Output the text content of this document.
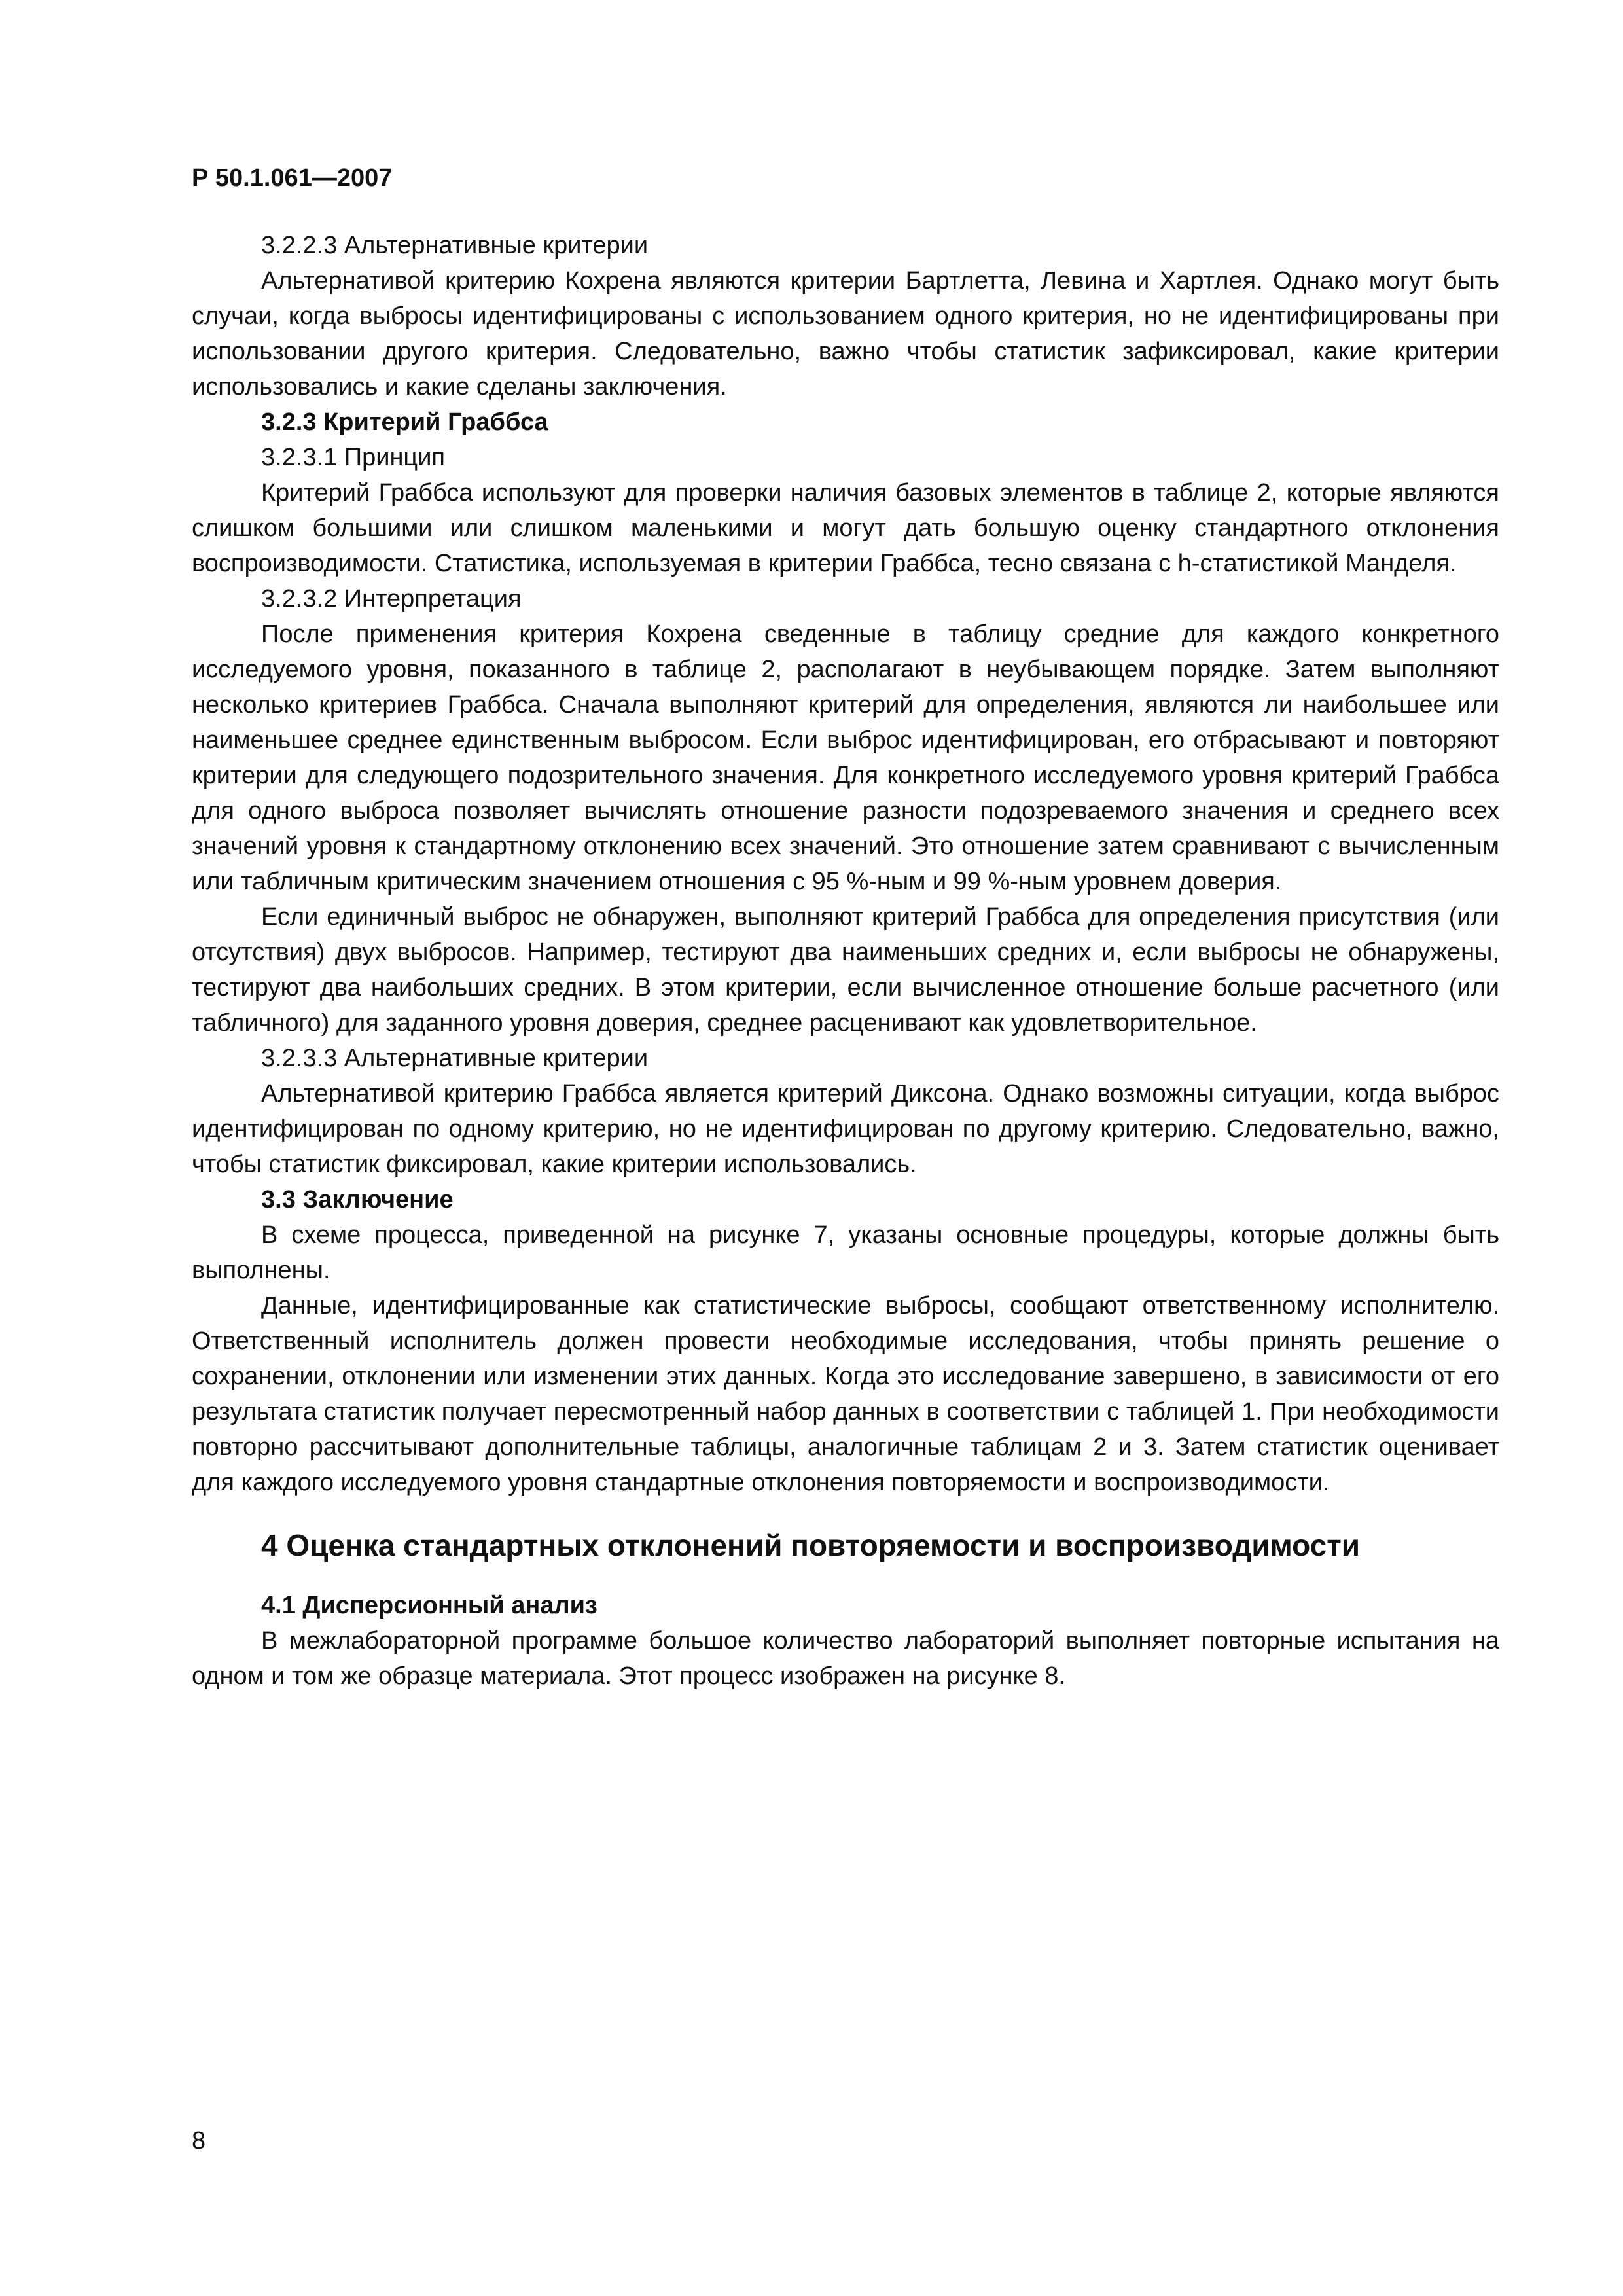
Р 50.1.061—2007

3.2.2.3 Альтернативные критерии

Альтернативой критерию Кохрена являются критерии Бартлетта, Левина и Хартлея. Однако могут быть случаи, когда выбросы идентифицированы с использованием одного критерия, но не идентифицированы при использовании другого критерия. Следовательно, важно чтобы статистик зафиксировал, какие критерии использовались и какие сделаны заключения.

3.2.3 Критерий Граббса

3.2.3.1 Принцип

Критерий Граббса используют для проверки наличия базовых элементов в таблице 2, которые являются слишком большими или слишком маленькими и могут дать большую оценку стандартного отклонения воспроизводимости. Статистика, используемая в критерии Граббса, тесно связана с h-статистикой Манделя.

3.2.3.2 Интерпретация

После применения критерия Кохрена сведенные в таблицу средние для каждого конкретного исследуемого уровня, показанного в таблице 2, располагают в неубывающем порядке. Затем выполняют несколько критериев Граббса. Сначала выполняют критерий для определения, являются ли наибольшее или наименьшее среднее единственным выбросом. Если выброс идентифицирован, его отбрасывают и повторяют критерии для следующего подозрительного значения. Для конкретного исследуемого уровня критерий Граббса для одного выброса позволяет вычислять отношение разности подозреваемого значения и среднего всех значений уровня к стандартному отклонению всех значений. Это отношение затем сравнивают с вычисленным или табличным критическим значением отношения с 95 %-ным и 99 %-ным уровнем доверия.

Если единичный выброс не обнаружен, выполняют критерий Граббса для определения присутствия (или отсутствия) двух выбросов. Например, тестируют два наименьших средних и, если выбросы не обнаружены, тестируют два наибольших средних. В этом критерии, если вычисленное отношение больше расчетного (или табличного) для заданного уровня доверия, среднее расценивают как удовлетворительное.

3.2.3.3 Альтернативные критерии

Альтернативой критерию Граббса является критерий Диксона. Однако возможны ситуации, когда выброс идентифицирован по одному критерию, но не идентифицирован по другому критерию. Следовательно, важно, чтобы статистик фиксировал, какие критерии использовались.

3.3 Заключение

В схеме процесса, приведенной на рисунке 7, указаны основные процедуры, которые должны быть выполнены.

Данные, идентифицированные как статистические выбросы, сообщают ответственному исполнителю. Ответственный исполнитель должен провести необходимые исследования, чтобы принять решение о сохранении, отклонении или изменении этих данных. Когда это исследование завершено, в зависимости от его результата статистик получает пересмотренный набор данных в соответствии с таблицей 1. При необходимости повторно рассчитывают дополнительные таблицы, аналогичные таблицам 2 и 3. Затем статистик оценивает для каждого исследуемого уровня стандартные отклонения повторяемости и воспроизводимости.

4 Оценка стандартных отклонений повторяемости и воспроизводимости

4.1 Дисперсионный анализ

В межлабораторной программе большое количество лабораторий выполняет повторные испытания на одном и том же образце материала. Этот процесс изображен на рисунке 8.

8
